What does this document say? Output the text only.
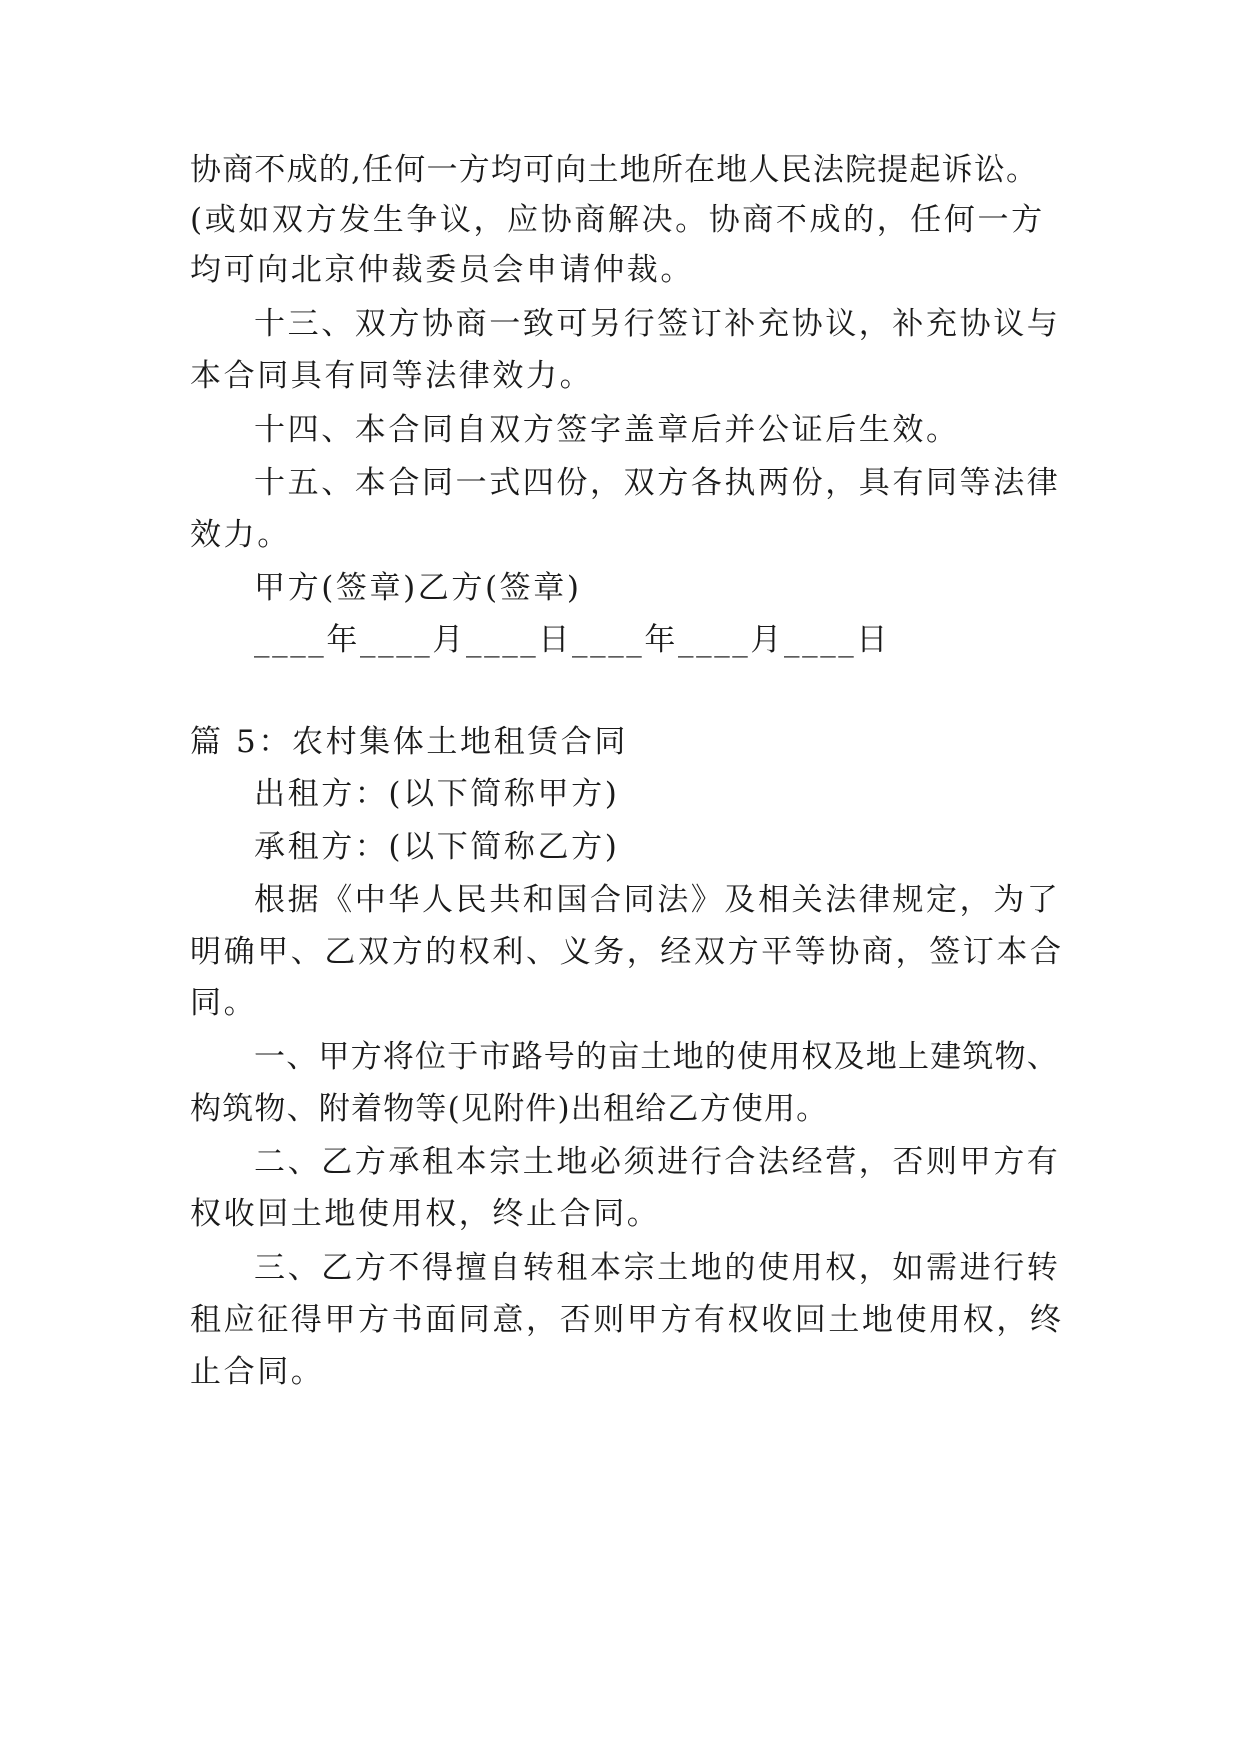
协商不成的,任何一方均可向土地所在地人民法院提起诉讼。
(或如双方发生争议，应协商解决。协商不成的，任何一方
均可向北京仲裁委员会申请仲裁。
十三、双方协商一致可另行签订补充协议，补充协议与
本合同具有同等法律效力。
十四、本合同自双方签字盖章后并公证后生效。
十五、本合同一式四份，双方各执两份，具有同等法律
效力。
甲方(签章)乙方(签章)
____年____月____日____年____月____日
篇 5：农村集体土地租赁合同
出租方：(以下简称甲方)
承租方：(以下简称乙方)
根据《中华人民共和国合同法》及相关法律规定，为了
明确甲、乙双方的权利、义务，经双方平等协商，签订本合
同。
一、甲方将位于市路号的亩土地的使用权及地上建筑物、
构筑物、附着物等(见附件)出租给乙方使用。
二、乙方承租本宗土地必须进行合法经营，否则甲方有
权收回土地使用权，终止合同。
三、乙方不得擅自转租本宗土地的使用权，如需进行转
租应征得甲方书面同意，否则甲方有权收回土地使用权，终
止合同。
